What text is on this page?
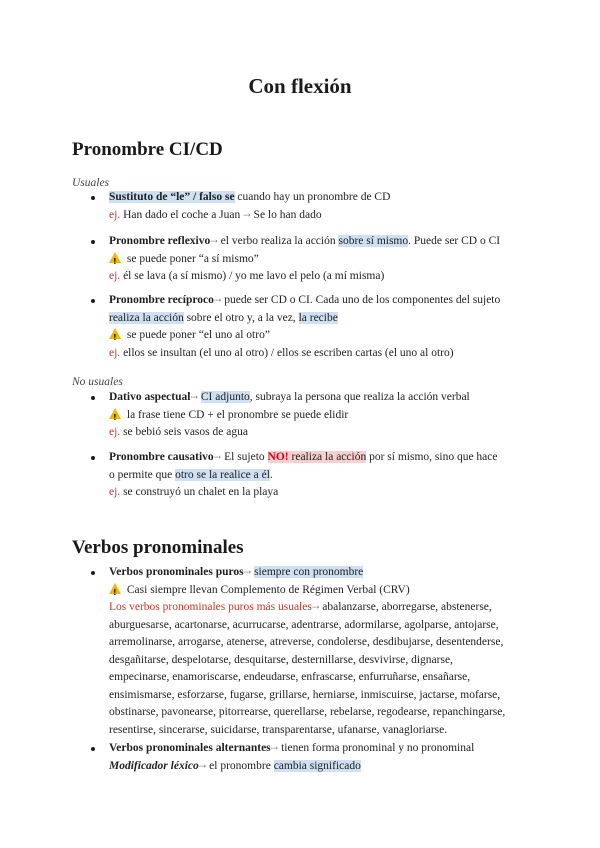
Con flexión
Pronombre CI/CD
Usuales
Sustituto de “le” / falso se cuando hay un pronombre de CD
ej. Han dado el coche a Juan ⇢ Se lo han dado
Pronombre reflexivo⇢ el verbo realiza la acción sobre sí mismo. Puede ser CD o CI
! se puede poner “a sí mismo”
ej. él se lava (a sí mismo) / yo me lavo el pelo (a mí misma)
Pronombre recíproco⇢ puede ser CD o CI. Cada uno de los componentes del sujeto
realiza la acción sobre el otro y, a la vez, la recibe
! se puede poner “el uno al otro”
ej. ellos se insultan (el uno al otro) / ellos se escriben cartas (el uno al otro)
No usuales
Dativo aspectual⇢ CI adjunto, subraya la persona que realiza la acción verbal
! la frase tiene CD + el pronombre se puede elidir
ej. se bebió seis vasos de agua
Pronombre causativo⇢ El sujeto NO! realiza la acción por sí mismo, sino que hace
o permite que otro se la realice a él.
ej. se construyó un chalet en la playa
Verbos pronominales
Verbos pronominales puros⇢ siempre con pronombre
! Casi siempre llevan Complemento de Régimen Verbal (CRV)
Los verbos pronominales puros más usuales⇢ abalanzarse, aborregarse, abstenerse,
aburguesarse, acartonarse, acurrucarse, adentrarse, adormilarse, agolparse, antojarse,
arremolinarse, arrogarse, atenerse, atreverse, condolerse, desdibujarse, desentenderse,
desgañitarse, despelotarse, desquitarse, desternillarse, desvivirse, dignarse,
empecinarse, enamoriscarse, endeudarse, enfrascarse, enfurruñarse, ensañarse,
ensimismarse, esforzarse, fugarse, grillarse, herniarse, inmiscuirse, jactarse, mofarse,
obstinarse, pavonearse, pitorrearse, querellarse, rebelarse, regodearse, repanchingarse,
resentirse, sincerarse, suicidarse, transparentarse, ufanarse, vanagloriarse.
Verbos pronominales alternantes⇢ tienen forma pronominal y no pronominal
Modificador léxico⇢ el pronombre cambia significado
